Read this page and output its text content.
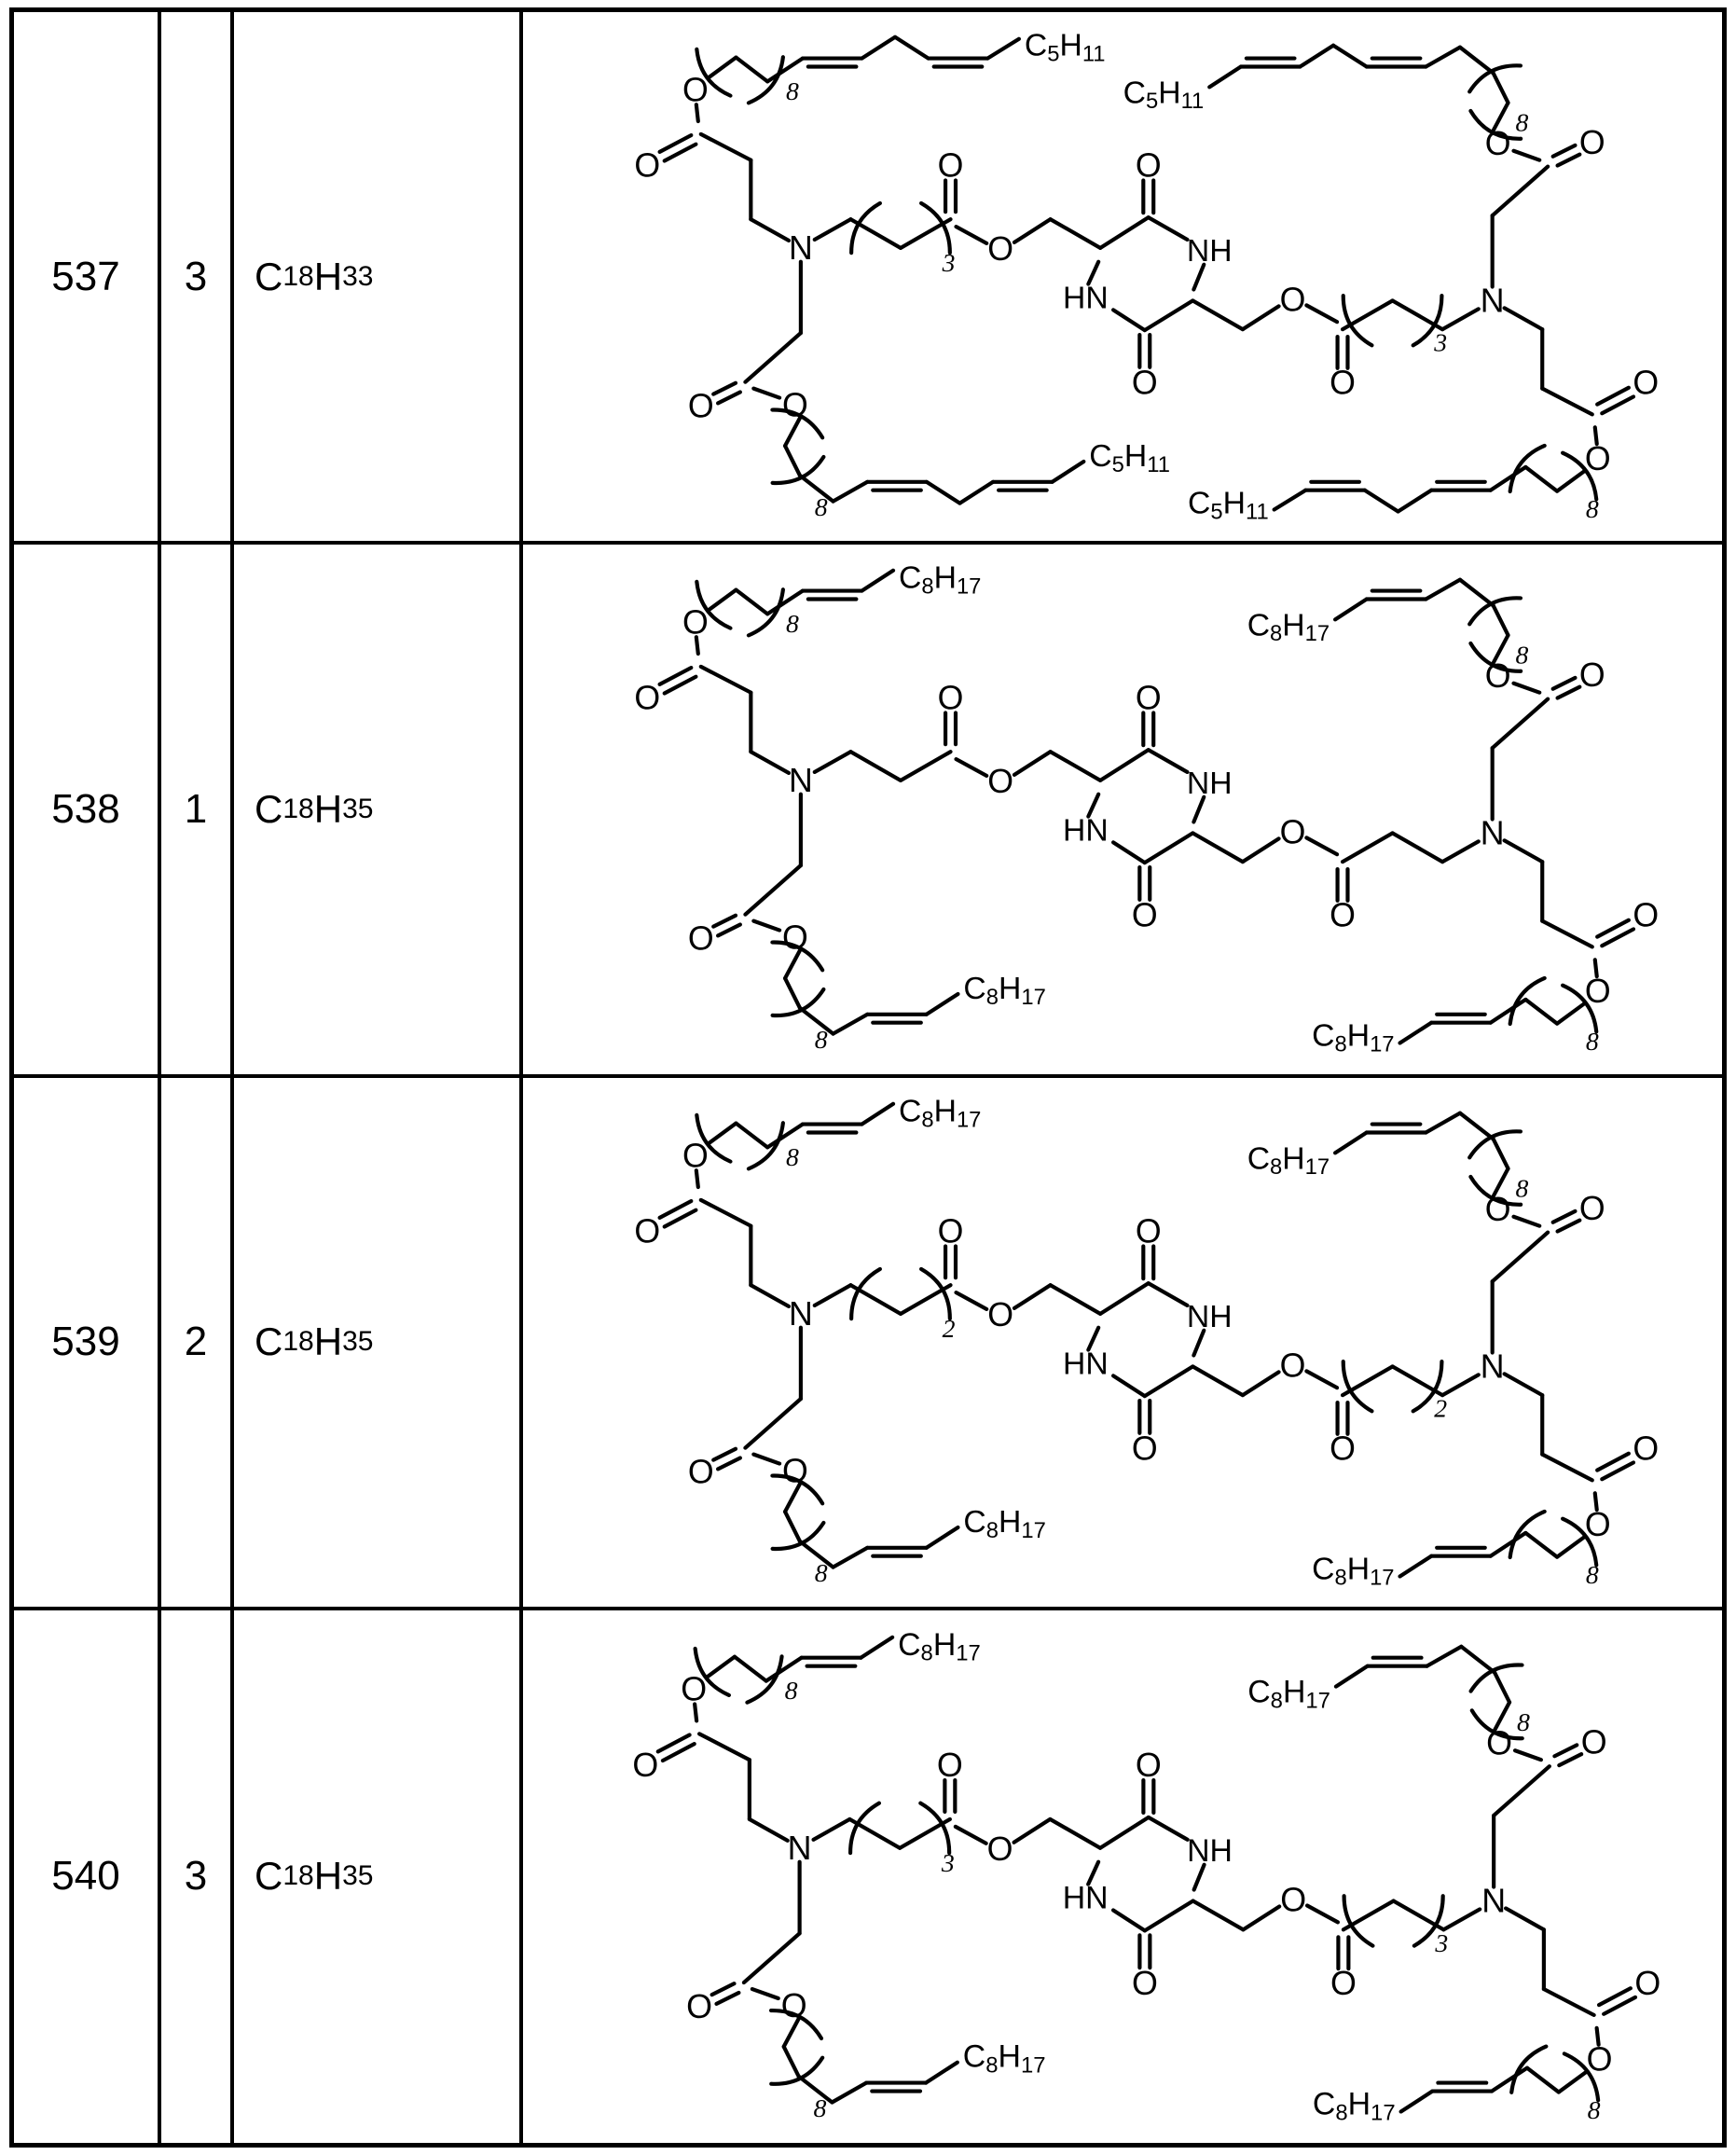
537 3 C 18 H 33
O
O
NH
HN
O
O
3
N
O
O	8
$C_5H_{11}$
O O
8
$C_5H_{11}$
O
O
3
N
O
O
8
$C_5H_{11}$
O
O
8
$C_5H_{11}$
538 1 C 18 H 35
O
O
NH
HN
O
O
N
O
O	8
$C_8H_{17}$
O O
8
$C_8H_{17}$
O
O	N
O
O
8
$C_8H_{17}$
O
O
8
$C_8H_{17}$
539 2 C 18 H 35
O
O
NH
HN
O
O
2
N
O
O	8
$C_8H_{17}$
O O
8
$C_8H_{17}$
O
O
2
N
O
O
8
$C_8H_{17}$
O
O
8
$C_8H_{17}$
540 3 C 18 H 35
O
O
NH
HN
O
O
3
N
O
O	8
$C_8H_{17}$
O O
8
$C_8H_{17}$
O
O
3
N
O
O
8
$C_8H_{17}$
O
O
8
$C_8H_{17}$
